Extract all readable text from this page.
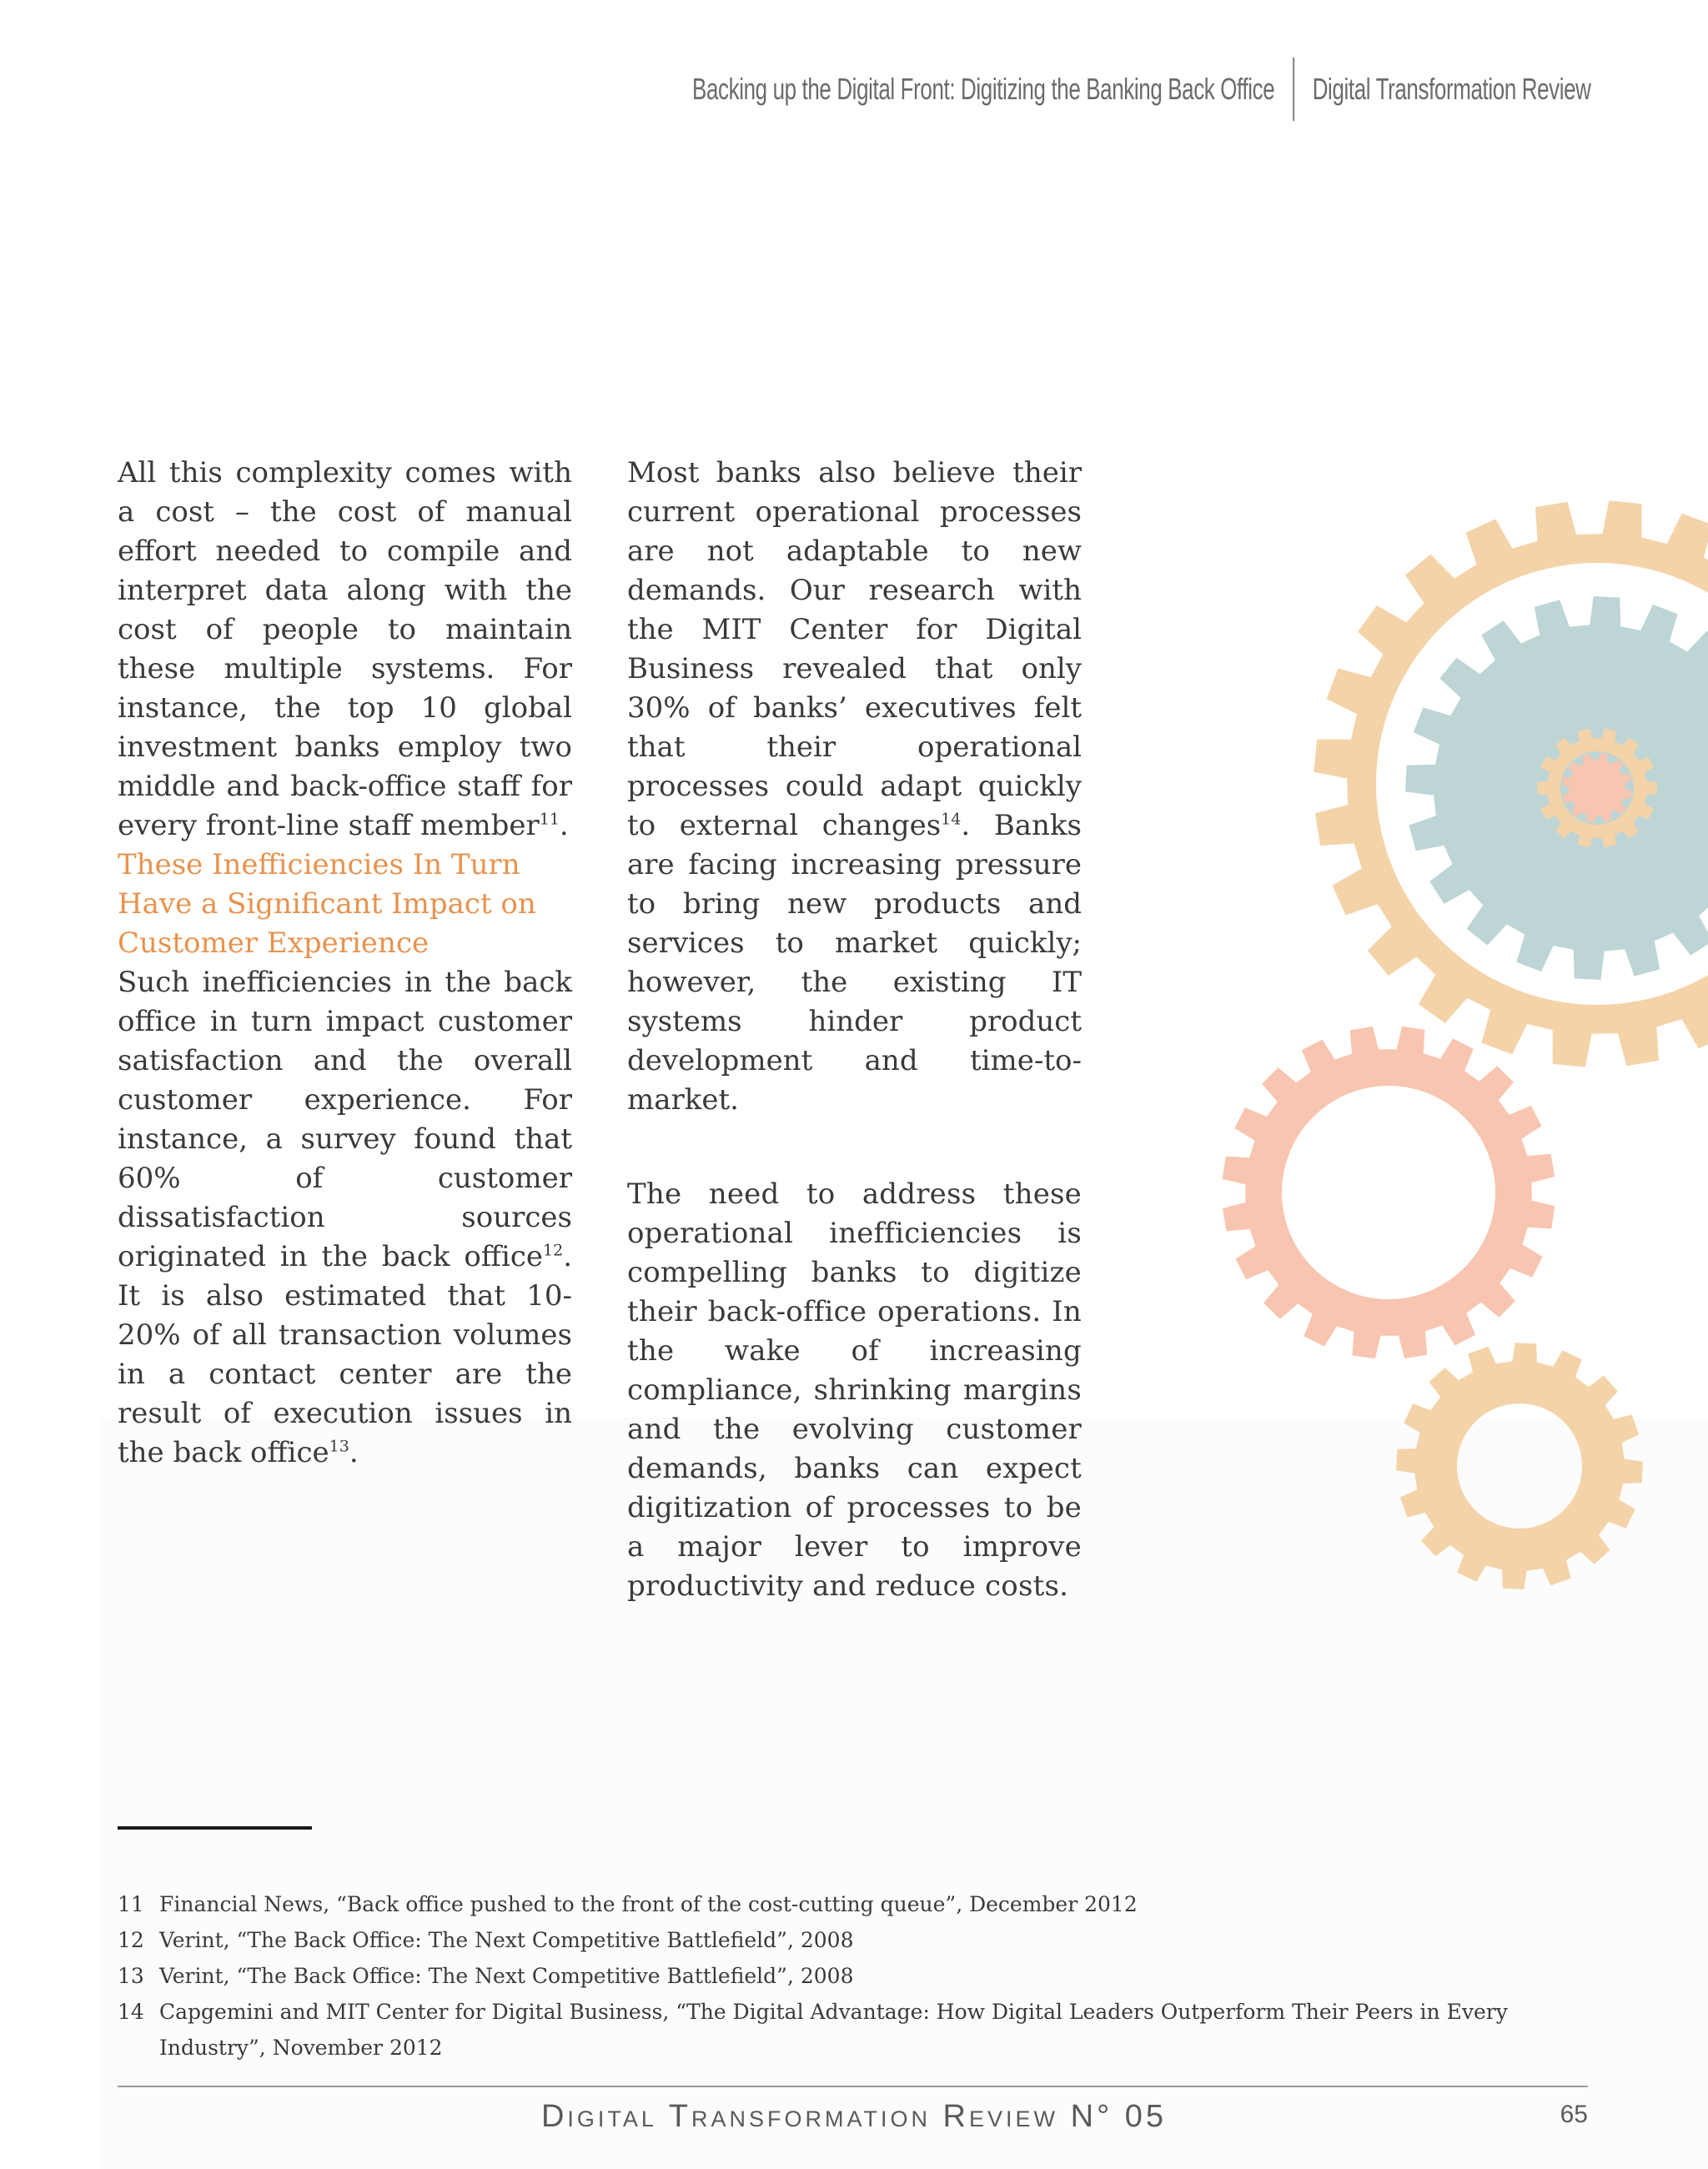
Backing up the Digital Front: Digitizing the Banking Back Office Digital Transformation Review

All this complexity comes with a cost – the cost of manual effort needed to compile and interpret data along with the cost of people to maintain these multiple systems. For instance, the top 10 global investment banks employ two middle and back-office staff for every front-line staff member$^{11}$.

These Inefficiencies In Turn Have a Significant Impact on Customer Experience

Such inefficiencies in the back office in turn impact customer satisfaction and the overall customer experience. For instance, a survey found that 60% of customer dissatisfaction sources originated in the back office$^{12}$. It is also estimated that 10-20% of all transaction volumes in a contact center are the result of execution issues in the back office$^{13}$.

Most banks also believe their current operational processes are not adaptable to new demands. Our research with the MIT Center for Digital Business revealed that only 30% of banks’ executives felt that their operational processes could adapt quickly to external changes$^{14}$. Banks are facing increasing pressure to bring new products and services to market quickly; however, the existing IT systems hinder product development and time-to-market.

The need to address these operational inefficiencies is compelling banks to digitize their back-office operations. In the wake of increasing compliance, shrinking margins and the evolving customer demands, banks can expect digitization of processes to be a major lever to improve productivity and reduce costs.

11 Financial News, “Back office pushed to the front of the cost-cutting queue”, December 2012
12 Verint, “The Back Office: The Next Competitive Battlefield”, 2008
13 Verint, “The Back Office: The Next Competitive Battlefield”, 2008
14 Capgemini and MIT Center for Digital Business, “The Digital Advantage: How Digital Leaders Outperform Their Peers in Every Industry”, November 2012
Digital Transformation Review N° 05	65
